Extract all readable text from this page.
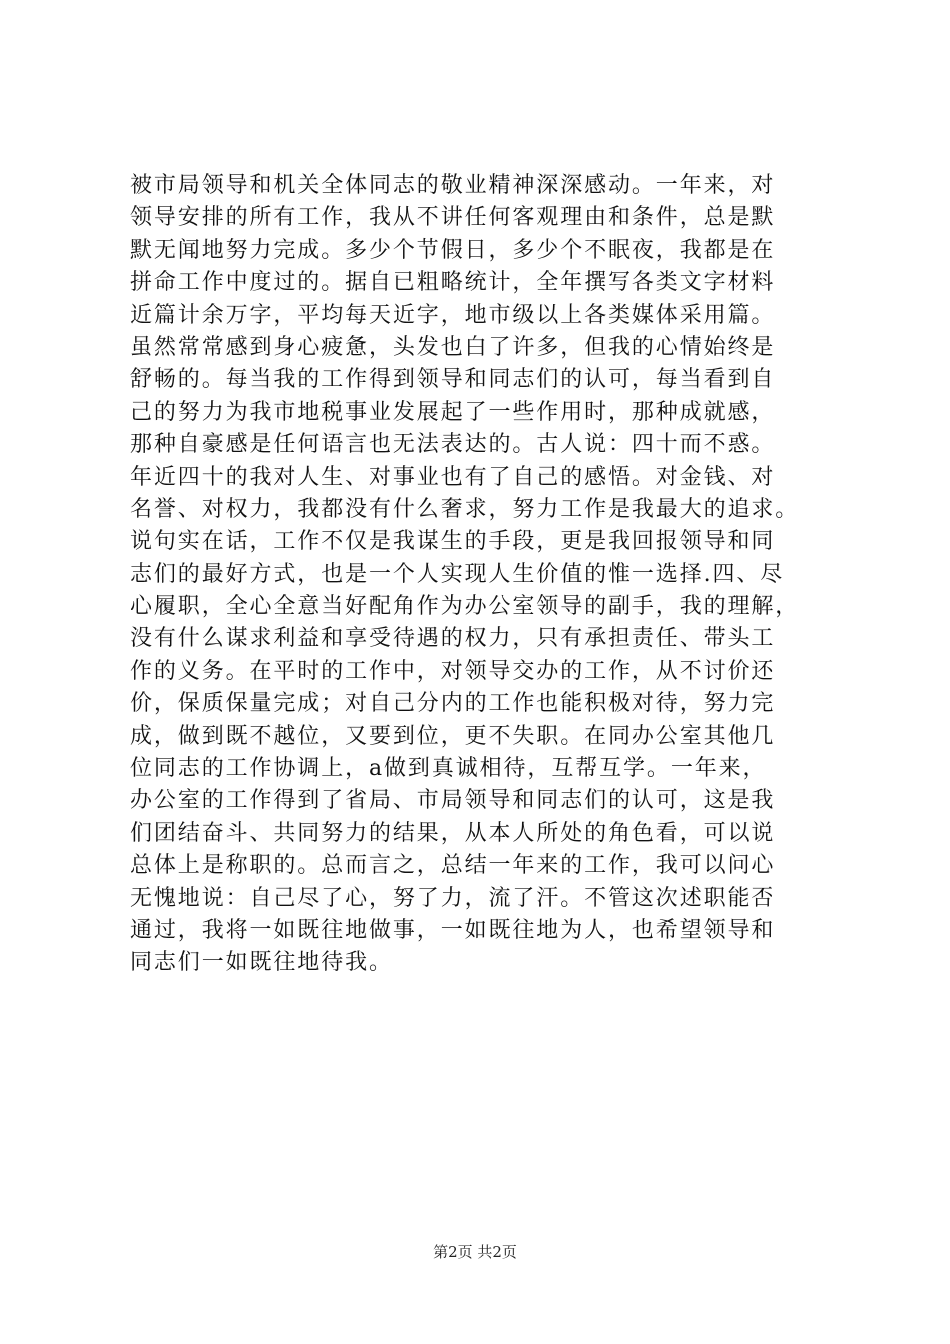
被市局领导和机关全体同志的敬业精神深深感动。一年来，对
领导安排的所有工作，我从不讲任何客观理由和条件，总是默
默无闻地努力完成。多少个节假日，多少个不眠夜，我都是在
拼命工作中度过的。据自已粗略统计，全年撰写各类文字材料
近篇计余万字，平均每天近字，地市级以上各类媒体采用篇。
虽然常常感到身心疲惫，头发也白了许多，但我的心情始终是
舒畅的。每当我的工作得到领导和同志们的认可，每当看到自
己的努力为我市地税事业发展起了一些作用时，那种成就感，
那种自豪感是任何语言也无法表达的。古人说：四十而不惑。
年近四十的我对人生、对事业也有了自己的感悟。对金钱、对
名誉、对权力，我都没有什么奢求，努力工作是我最大的追求。
说句实在话，工作不仅是我谋生的手段，更是我回报领导和同
志们的最好方式，也是一个人实现人生价值的惟一选择.四、尽
心履职，全心全意当好配角作为办公室领导的副手，我的理解，
没有什么谋求利益和享受待遇的权力，只有承担责任、带头工
作的义务。在平时的工作中，对领导交办的工作，从不讨价还
价，保质保量完成；对自己分内的工作也能积极对待，努力完
成，做到既不越位，又要到位，更不失职。在同办公室其他几
位同志的工作协调上，a做到真诚相待，互帮互学。一年来，
办公室的工作得到了省局、市局领导和同志们的认可，这是我
们团结奋斗、共同努力的结果，从本人所处的角色看，可以说
总体上是称职的。总而言之，总结一年来的工作，我可以问心
无愧地说：自己尽了心，努了力，流了汗。不管这次述职能否
通过，我将一如既往地做事，一如既往地为人，也希望领导和
同志们一如既往地待我。
第2页 共2页
